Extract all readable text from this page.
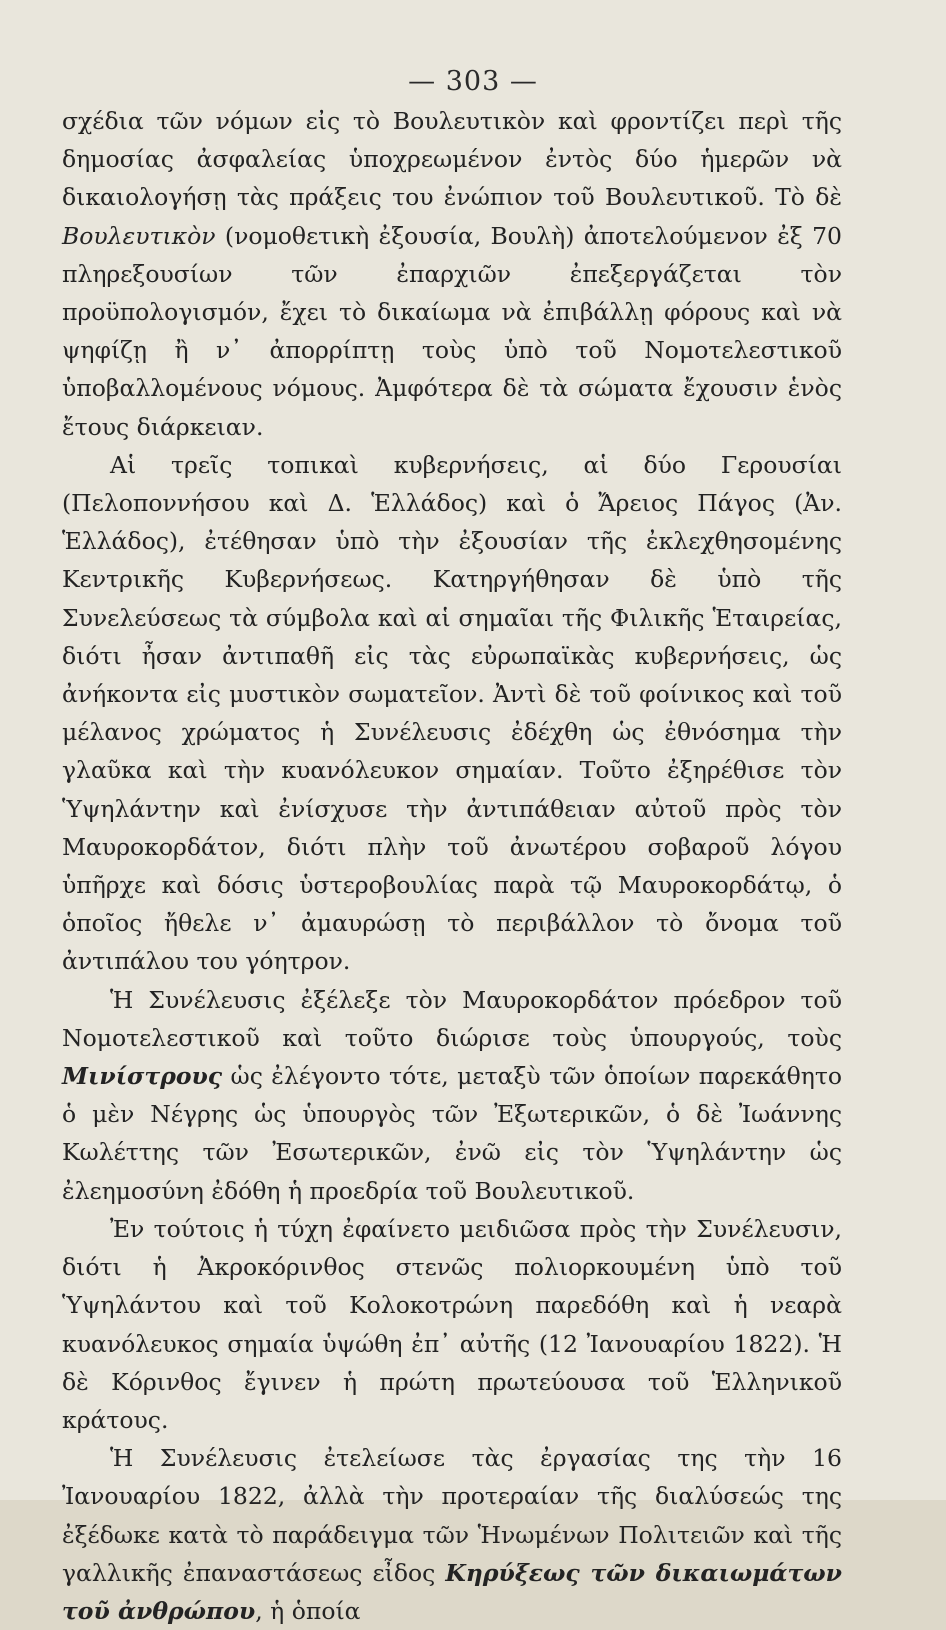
— 303 —

σχέδια τῶν νόμων εἰς τὸ Βουλευτικὸν καὶ φροντίζει περὶ τῆς δημοσίας ἀσφαλείας ὑποχρεωμένον ἐντὸς δύο ἡμερῶν νὰ δικαιολογήσῃ τὰς πράξεις του ἐνώπιον τοῦ Βουλευτικοῦ. Τὸ δὲ Βουλευτικὸν (νομοθετικὴ ἐξουσία, Βουλὴ) ἀποτελούμενον ἐξ 70 πληρεξουσίων τῶν ἐπαρχιῶν ἐπεξεργάζεται τὸν προϋπολογισμόν, ἔχει τὸ δικαίωμα νὰ ἐπιβάλλῃ φόρους καὶ νὰ ψηφίζῃ ἢ ν᾽ ἀπορρίπτῃ τοὺς ὑπὸ τοῦ Νομοτελεστικοῦ ὑποβαλλομένους νόμους. Ἀμφότερα δὲ τὰ σώματα ἔχουσιν ἑνὸς ἔτους διάρκειαν.

Αἱ τρεῖς τοπικαὶ κυβερνήσεις, αἱ δύο Γερουσίαι (Πελοποννήσου καὶ Δ. Ἑλλάδος) καὶ ὁ Ἄρειος Πάγος (Ἀν. Ἑλλάδος), ἐτέθησαν ὑπὸ τὴν ἐξουσίαν τῆς ἐκλεχθησομένης Κεντρικῆς Κυβερνήσεως. Κατηργήθησαν δὲ ὑπὸ τῆς Συνελεύσεως τὰ σύμβολα καὶ αἱ σημαῖαι τῆς Φιλικῆς Ἑταιρείας, διότι ἦσαν ἀντιπαθῆ εἰς τὰς εὐρωπαϊκὰς κυβερνήσεις, ὡς ἀνήκοντα εἰς μυστικὸν σωματεῖον. Ἀντὶ δὲ τοῦ φοίνικος καὶ τοῦ μέλανος χρώματος ἡ Συνέλευσις ἐδέχθη ὡς ἐθνόσημα τὴν γλαῦκα καὶ τὴν κυανόλευκον σημαίαν. Τοῦτο ἐξηρέθισε τὸν Ὑψηλάντην καὶ ἐνίσχυσε τὴν ἀντιπάθειαν αὐτοῦ πρὸς τὸν Μαυροκορδάτον, διότι πλὴν τοῦ ἀνωτέρου σοβαροῦ λόγου ὑπῆρχε καὶ δόσις ὑστεροβουλίας παρὰ τῷ Μαυροκορδάτῳ, ὁ ὁποῖος ἤθελε ν᾽ ἀμαυρώσῃ τὸ περιβάλλον τὸ ὄνομα τοῦ ἀντιπάλου του γόητρον.

Ἡ Συνέλευσις ἐξέλεξε τὸν Μαυροκορδάτον πρόεδρον τοῦ Νομοτελεστικοῦ καὶ τοῦτο διώρισε τοὺς ὑπουργούς, τοὺς Μινίστρους ὡς ἐλέγοντο τότε, μεταξὺ τῶν ὁποίων παρεκάθητο ὁ μὲν Νέγρης ὡς ὑπουργὸς τῶν Ἐξωτερικῶν, ὁ δὲ Ἰωάννης Κωλέττης τῶν Ἐσωτερικῶν, ἐνῶ εἰς τὸν Ὑψηλάντην ὡς ἐλεημοσύνη ἐδόθη ἡ προεδρία τοῦ Βουλευτικοῦ.

Ἐν τούτοις ἡ τύχη ἐφαίνετο μειδιῶσα πρὸς τὴν Συνέλευσιν, διότι ἡ Ἀκροκόρινθος στενῶς πολιορκουμένη ὑπὸ τοῦ Ὑψηλάντου καὶ τοῦ Κολοκοτρώνη παρεδόθη καὶ ἡ νεαρὰ κυανόλευκος σημαία ὑψώθη ἐπ᾽ αὐτῆς (12 Ἰανουαρίου 1822). Ἡ δὲ Κόρινθος ἔγινεν ἡ πρώτη πρωτεύουσα τοῦ Ἑλληνικοῦ κράτους.

Ἡ Συνέλευσις ἐτελείωσε τὰς ἐργασίας της τὴν 16 Ἰανουαρίου 1822, ἀλλὰ τὴν προτεραίαν τῆς διαλύσεώς της ἐξέδωκε κατὰ τὸ παράδειγμα τῶν Ἡνωμένων Πολιτειῶν καὶ τῆς γαλλικῆς ἐπαναστάσεως εἶδος Κηρύξεως τῶν δικαιωμάτων τοῦ ἀνθρώπου, ἡ ὁποία
